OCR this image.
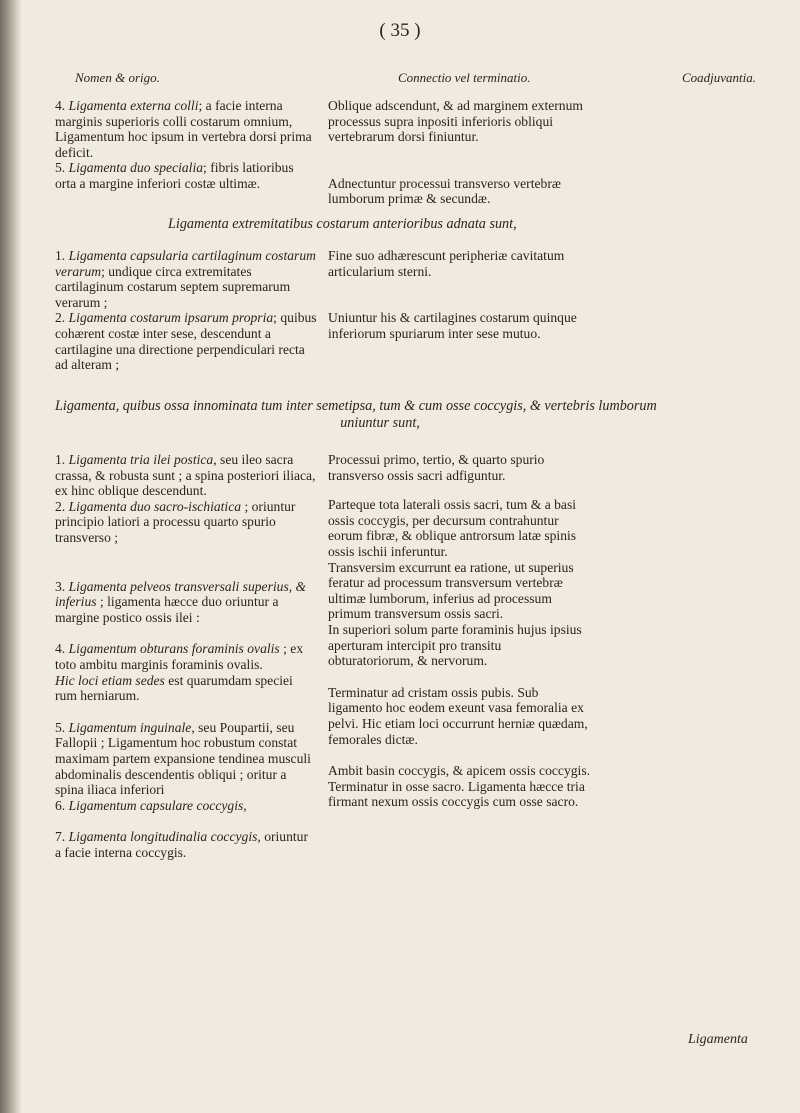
( 35 )
Nomen & origo.	Connectio vel terminatio.	Coadjuvantia.

4. Ligamenta externa colli; a facie interna marginis superioris colli costarum omnium,

Ligamentum hoc ipsum in vertebra dorsi prima deficit.

5. Ligamenta duo specialia; fibris latioribus orta a margine inferiori costæ ultimæ.

Oblique adscendunt, & ad marginem externum processus supra inpositi inferioris obliqui vertebrarum dorsi finiuntur.

Adnectuntur processui transverso vertebræ lumborum primæ & secundæ.

Ligamenta extremitatibus costarum anterioribus adnata sunt,

1. Ligamenta capsularia cartilaginum costarum verarum; undique circa extremitates cartilaginum costarum septem supremarum verarum ;

2. Ligamenta costarum ipsarum propria; quibus cohærent costæ inter sese, descendunt a cartilagine una directione perpendiculari recta ad alteram ;

Fine suo adhærescunt peripheriæ cavitatum articularium sterni.

Uniuntur his & cartilagines costarum quinque inferiorum spuriarum inter sese mutuo.

Ligamenta, quibus ossa innominata tum inter semetipsa, tum & cum osse coccygis, & vertebris lumborum
uniuntur sunt,

1. Ligamenta tria ilei postica, seu ileo sacra crassa, & robusta sunt ; a spina posteriori iliaca, ex hinc oblique descendunt.

2. Ligamenta duo sacro-ischiatica ; oriuntur principio latiori a processu quarto spurio transverso ;

3. Ligamenta pelveos transversali superius, & inferius ; ligamenta hæcce duo oriuntur a margine postico ossis ilei :

4. Ligamentum obturans foraminis ovalis ; ex toto ambitu marginis foraminis ovalis.

Hic loci etiam sedes est quarumdam speciei rum herniarum.

5. Ligamentum inguinale, seu Poupartii, seu Fallopii ; Ligamentum hoc robustum constat maximam partem expansione tendinea musculi abdominalis descendentis obliqui ; oritur a spina iliaca inferiori

6. Ligamentum capsulare coccygis,

7. Ligamenta longitudinalia coccygis, oriuntur a facie interna coccygis.

Processui primo, tertio, & quarto spurio transverso ossis sacri adfiguntur.

Parteque tota laterali ossis sacri, tum & a basi ossis coccygis, per decursum contrahuntur eorum fibræ, & oblique antrorsum latæ spinis ossis ischii inferuntur.

Transversim excurrunt ea ratione, ut superius feratur ad processum transversum vertebræ ultimæ lumborum, inferius ad processum primum transversum ossis sacri.

In superiori solum parte foraminis hujus ipsius aperturam intercipit pro transitu obturatoriorum, & nervorum.

Terminatur ad cristam ossis pubis. Sub ligamento hoc eodem exeunt vasa femoralia ex pelvi. Hic etiam loci occurrunt herniæ quædam, femorales dictæ.

Ambit basin coccygis, & apicem ossis coccygis.

Terminatur in osse sacro. Ligamenta hæcce tria firmant nexum ossis coccygis cum osse sacro.

Ligamenta
